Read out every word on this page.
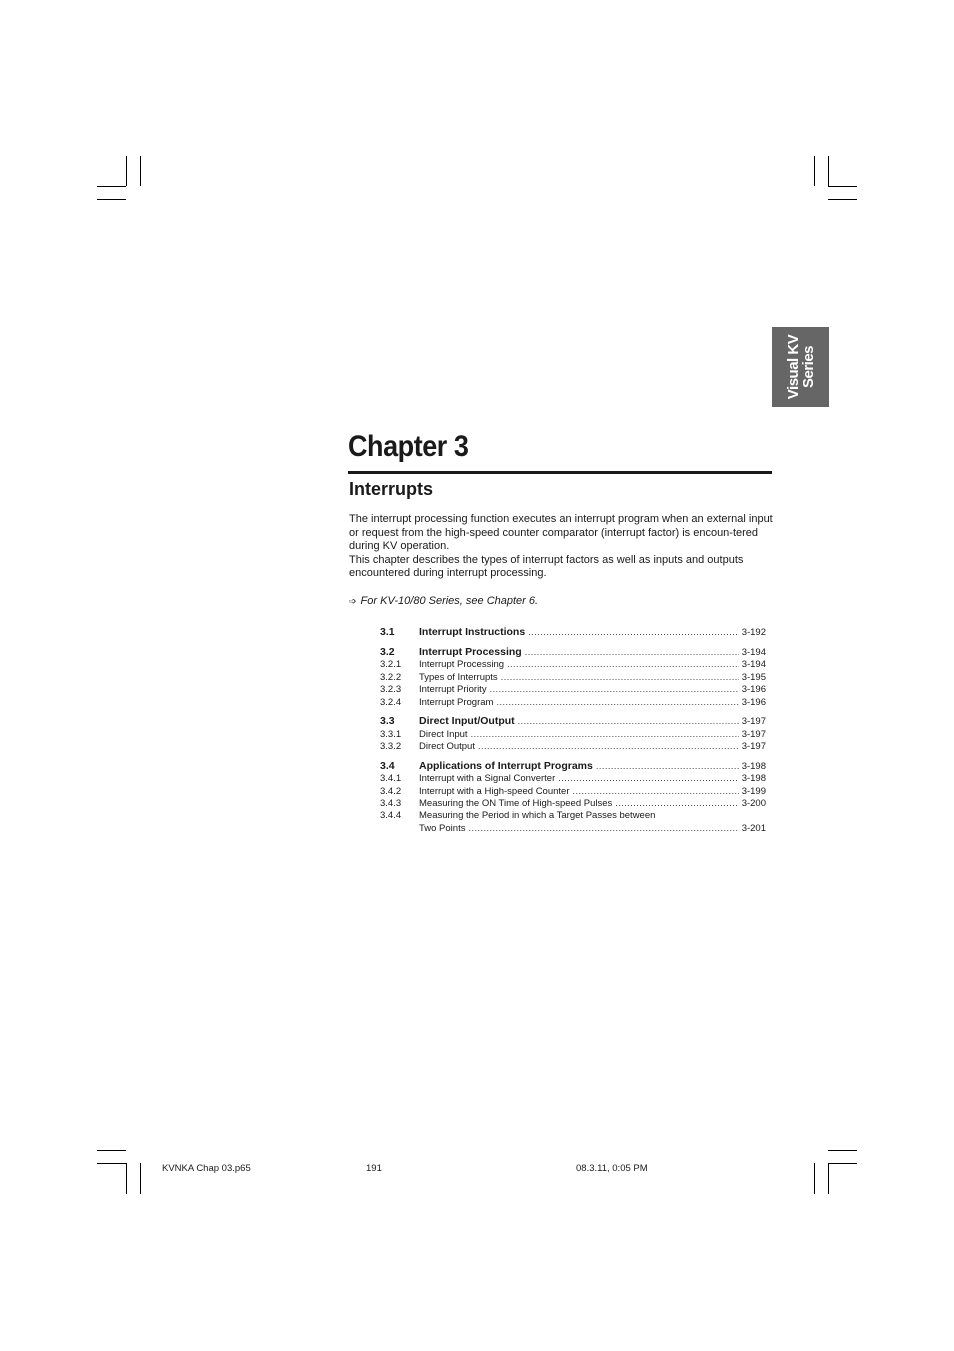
Visual KV
Series
Chapter 3
Interrupts

The interrupt processing function executes an interrupt program when an external input or request from the high-speed counter comparator (interrupt factor) is encoun-tered during KV operation.

This chapter describes the types of interrupt factors as well as inputs and outputs encountered during interrupt processing.

➩ For KV-10/80 Series, see Chapter 6.
3.1	Interrupt Instructions .....	3-192
3.2	Interrupt Processing .....	3-194
3.2.1	Interrupt Processing .....	3-194
3.2.2	Types of Interrupts .....	3-195
3.2.3	Interrupt Priority .....	3-196
3.2.4	Interrupt Program .....	3-196
3.3	Direct Input/Output .....	3-197
3.3.1	Direct Input .....	3-197
3.3.2	Direct Output .....	3-197
3.4	Applications of Interrupt Programs .....	3-198
3.4.1	Interrupt with a Signal Converter .....	3-198
3.4.2	Interrupt with a High-speed Counter .....	3-199
3.4.3	Measuring the ON Time of High-speed Pulses .....	3-200
3.4.4	Measuring the Period in which a Target Passes between
Two Points .....	3-201
KVNKA Chap 03.p65	191	08.3.11, 0:05 PM
